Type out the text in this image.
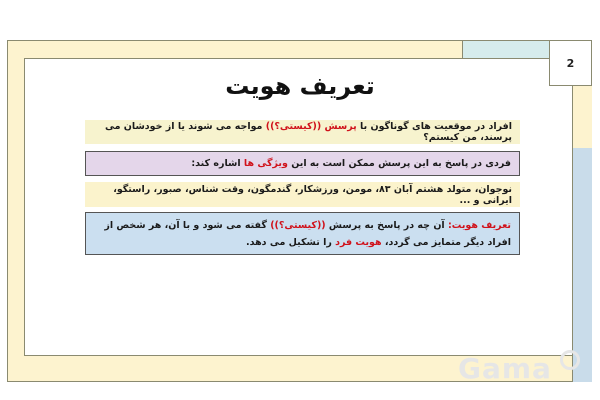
2
تعریف هویت
افراد در موقعیت های گوناگون با پرسش ((کیستی؟)) مواجه می شوند یا از خودشان می پرسند، من کیستم؟
فردی در پاسخ به این پرسش ممکن است به این ویژگی ها اشاره کند:
نوجوان، متولد هشتم آبان ۸۳، مومن، ورزشکار، گندمگون، وقت شناس، صبور، راستگو، ایرانی و ...
تعریف هویت: آن چه در پاسخ به پرسش ((کیستی؟)) گفته می شود و با آن، هر شخص از افراد دیگر متمایز می گردد، هویت فرد را تشکیل می دهد.
Gama
